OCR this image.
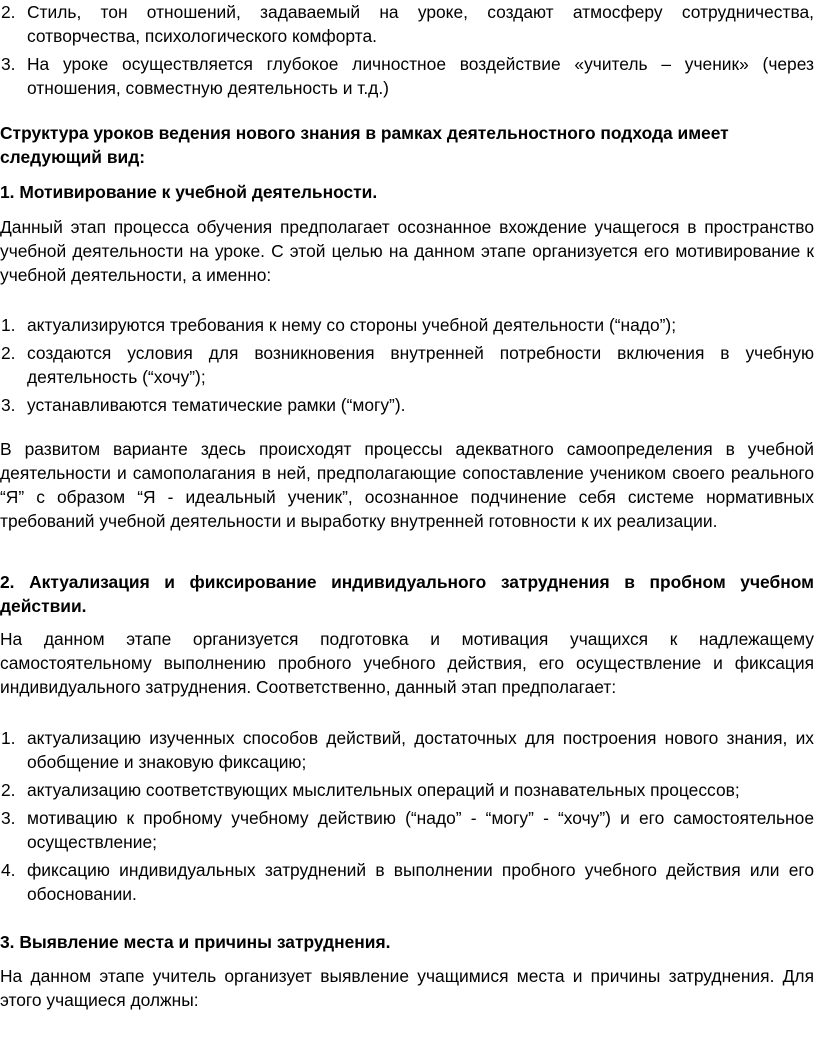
2. Стиль, тон отношений, задаваемый на уроке, создают атмосферу сотрудничества, сотворчества, психологического комфорта.
3. На уроке осуществляется глубокое личностное воздействие «учитель – ученик» (через отношения, совместную деятельность и т.д.)

Структура уроков ведения нового знания в рамках деятельностного подхода имеет следующий вид:

1. Мотивирование к учебной деятельности.

Данный этап процесса обучения предполагает осознанное вхождение учащегося в пространство учебной деятельности на уроке. С этой целью на данном этапе организуется его мотивирование к учебной деятельности, а именно:

1. актуализируются требования к нему со стороны учебной деятельности (“надо”);
2. создаются условия для возникновения внутренней потребности включения в учебную деятельность (“хочу”);
3. устанавливаются тематические рамки (“могу”).

В развитом варианте здесь происходят процессы адекватного самоопределения в учебной деятельности и самополагания в ней, предполагающие сопоставление учеником своего реального “Я” с образом “Я - идеальный ученик”, осознанное подчинение себя системе нормативных требований учебной деятельности и выработку внутренней готовности к их реализации.

2. Актуализация и фиксирование индивидуального затруднения в пробном учебном действии.

На данном этапе организуется подготовка и мотивация учащихся к надлежащему самостоятельному выполнению пробного учебного действия, его осуществление и фиксация индивидуального затруднения. Соответственно, данный этап предполагает:

1. актуализацию изученных способов действий, достаточных для построения нового знания, их обобщение и знаковую фиксацию;
2. актуализацию соответствующих мыслительных операций и познавательных процессов;
3. мотивацию к пробному учебному действию (“надо” - “могу” - “хочу”) и его самостоятельное осуществление;
4. фиксацию индивидуальных затруднений в выполнении пробного учебного действия или его обосновании.

3. Выявление места и причины затруднения.

На данном этапе учитель организует выявление учащимися места и причины затруднения. Для этого учащиеся должны:
